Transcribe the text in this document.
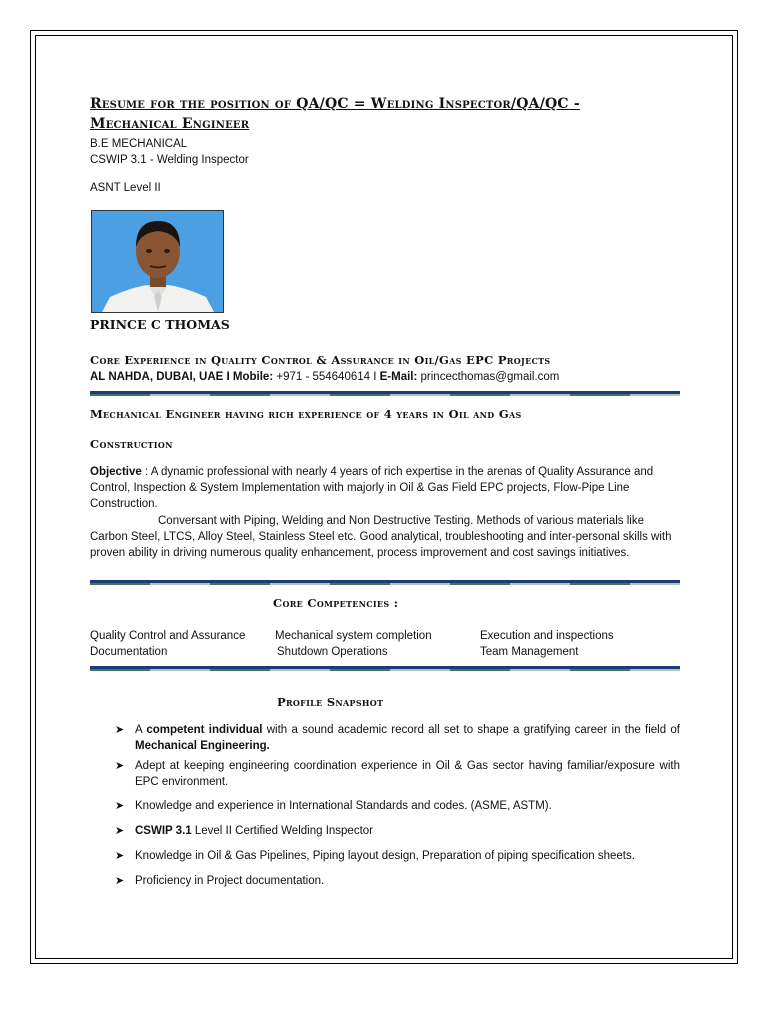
Resume for the position of QA/QC = Welding Inspector/QA/QC -
Mechanical Engineer
B.E MECHANICAL
CSWIP 3.1 - Welding Inspector
ASNT Level II
PRINCE C THOMAS
Core Experience in Quality Control & Assurance in Oil/Gas EPC Projects
AL NAHDA, DUBAI, UAE I Mobile: +971 - 554640614 I E-Mail: princecthomas@gmail.com
Mechanical Engineer having rich experience of 4 years in Oil and Gas
Construction
Objective : A dynamic professional with nearly 4 years of rich expertise in the arenas of Quality Assurance and Control, Inspection & System Implementation with majorly in Oil & Gas Field EPC projects, Flow-Pipe Line Construction.
Conversant with Piping, Welding and Non Destructive Testing. Methods of various materials like Carbon Steel, LTCS, Alloy Steel, Stainless Steel etc. Good analytical, troubleshooting and inter-personal skills with proven ability in driving numerous quality enhancement, process improvement and cost savings initiatives.
Core Competencies :
Quality Control and Assurance	Mechanical system completion	Execution and inspections
Documentation	Shutdown Operations	Team Management
Profile Snapshot
➤ A competent individual with a sound academic record all set to shape a gratifying career in the field of Mechanical Engineering.
➤ Adept at keeping engineering coordination experience in Oil & Gas sector having familiar/exposure with EPC environment.
➤ Knowledge and experience in International Standards and codes. (ASME, ASTM).
➤ CSWIP 3.1 Level II Certified Welding Inspector
➤ Knowledge in Oil & Gas Pipelines, Piping layout design, Preparation of piping specification sheets.
➤ Proficiency in Project documentation.
